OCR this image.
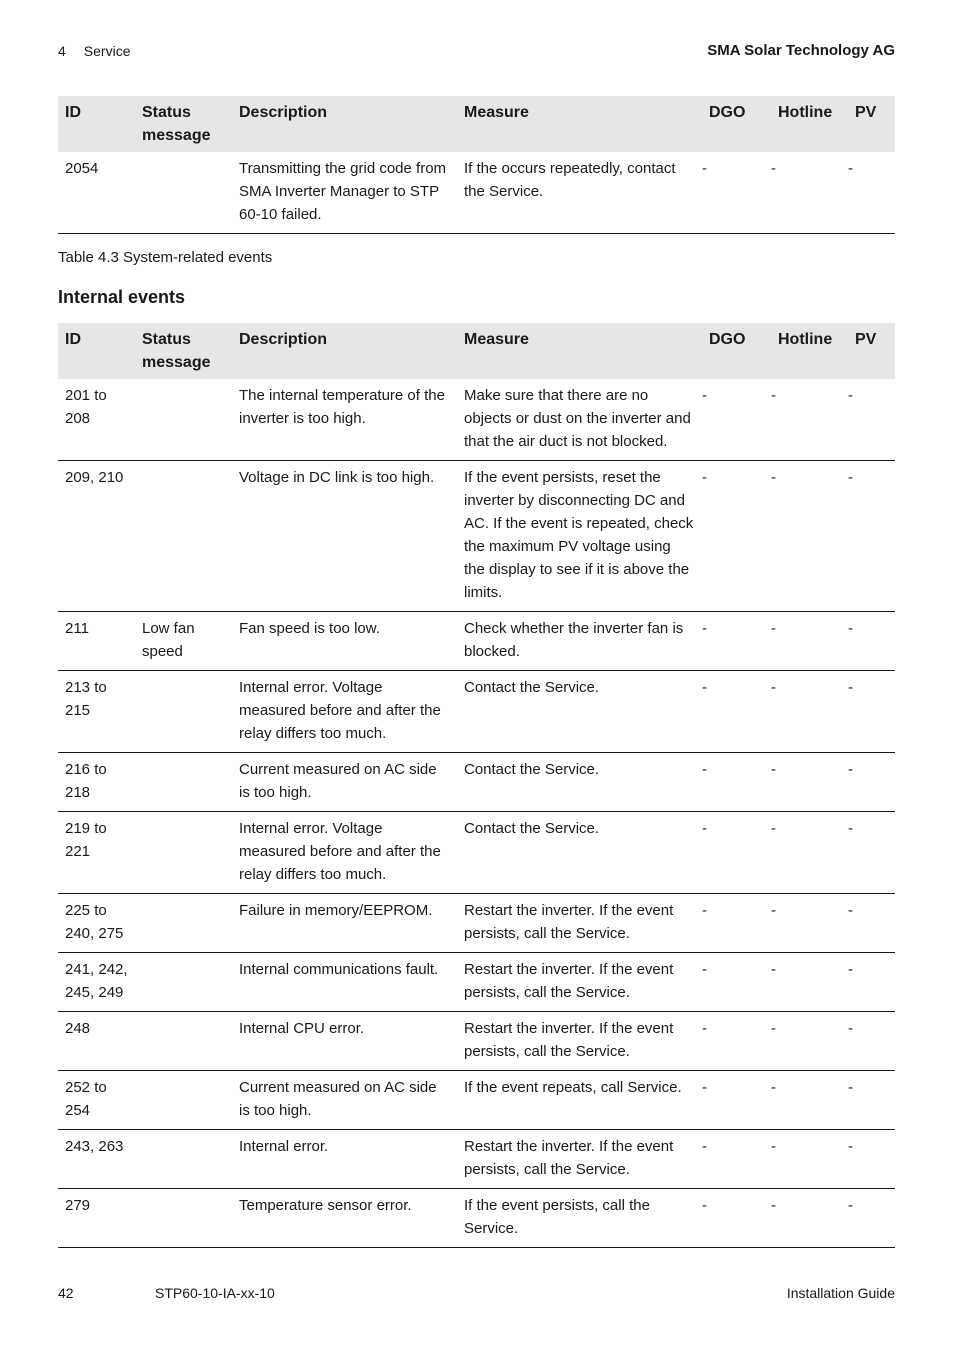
4 Service	SMA Solar Technology AG
ID	Status message	Description	Measure	DGO	Hotline	PV
2054		Transmitting the grid code from SMA Inverter Manager to STP 60-10 failed.	If the occurs repeatedly, contact the Service.	-	-	-
Table 4.3 System-related events
Internal events
ID	Status message	Description	Measure	DGO	Hotline	PV
201 to 208		The internal temperature of the inverter is too high.	Make sure that there are no objects or dust on the inverter and that the air duct is not blocked.	-	-	-
209, 210		Voltage in DC link is too high.	If the event persists, reset the inverter by disconnecting DC and AC. If the event is repeated, check the maximum PV voltage using the display to see if it is above the limits.	-	-	-
211	Low fan speed	Fan speed is too low.	Check whether the inverter fan is blocked.	-	-	-
213 to 215		Internal error. Voltage measured before and after the relay differs too much.	Contact the Service.	-	-	-
216 to 218		Current measured on AC side is too high.	Contact the Service.	-	-	-
219 to 221		Internal error. Voltage measured before and after the relay differs too much.	Contact the Service.	-	-	-
225 to 240, 275		Failure in memory/EEPROM.	Restart the inverter. If the event persists, call the Service.	-	-	-
241, 242, 245, 249		Internal communications fault.	Restart the inverter. If the event persists, call the Service.	-	-	-
248		Internal CPU error.	Restart the inverter. If the event persists, call the Service.	-	-	-
252 to 254		Current measured on AC side is too high.	If the event repeats, call Service.	-	-	-
243, 263		Internal error.	Restart the inverter. If the event persists, call the Service.	-	-	-
279		Temperature sensor error.	If the event persists, call the Service.	-	-	-
42	STP60-10-IA-xx-10	Installation Guide
